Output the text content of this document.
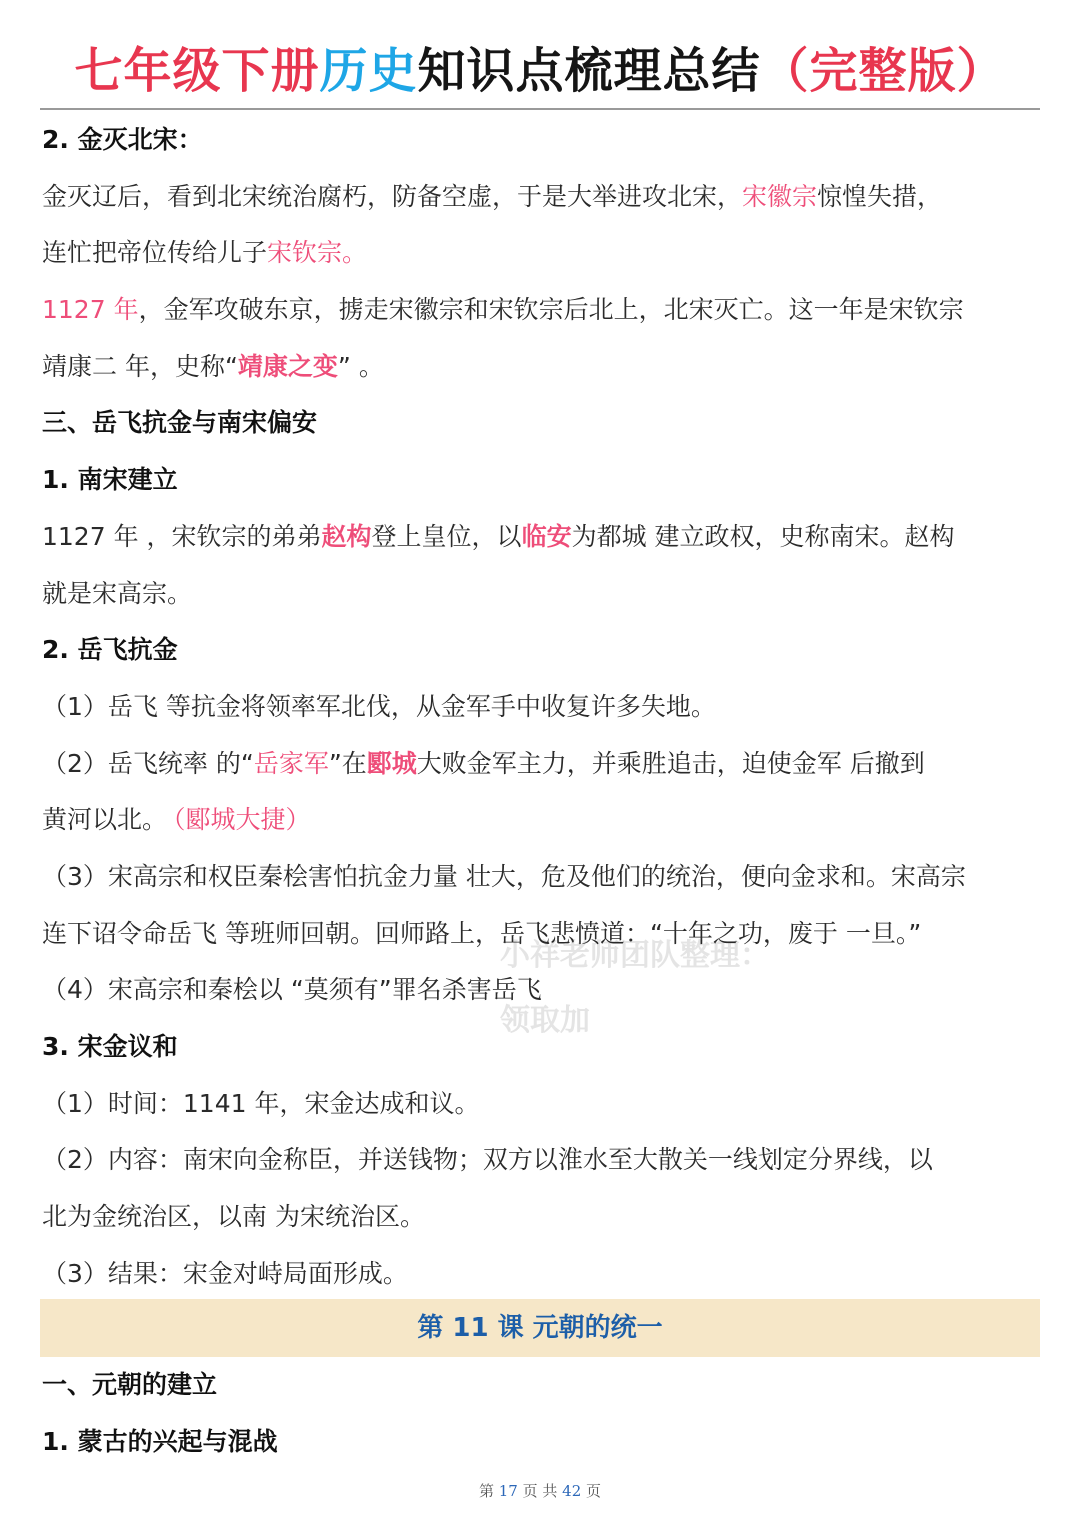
七年级下册历史知识点梳理总结（完整版）
小祥老师团队整理：
领取加
2. 金灭北宋：
金灭辽后，看到北宋统治腐朽，防备空虚，于是大举进攻北宋，宋徽宗惊惶失措，
连忙把帝位传给儿子宋钦宗。
1127 年，金军攻破东京，掳走宋徽宗和宋钦宗后北上，北宋灭亡。这一年是宋钦宗
靖康二 年，史称“靖康之变” 。
三、岳飞抗金与南宋偏安
1. 南宋建立
1127 年 ，宋钦宗的弟弟赵构登上皇位，以临安为都城 建立政权，史称南宋。赵构
就是宋高宗。
2. 岳飞抗金
（1）岳飞 等抗金将领率军北伐，从金军手中收复许多失地。
（2）岳飞统率 的“岳家军”在郾城大败金军主力，并乘胜追击，迫使金军 后撤到
黄河以北。 （郾城大捷）
（3）宋高宗和权臣秦桧害怕抗金力量 壮大，危及他们的统治，便向金求和。宋高宗
连下诏令命岳飞 等班师回朝。回师路上，岳飞悲愤道：“十年之功，废于 一旦。”
（4）宋高宗和秦桧以 “莫须有”罪名杀害岳飞
3. 宋金议和
（1）时间：1141 年，宋金达成和议。
（2）内容：南宋向金称臣，并送钱物；双方以淮水至大散关一线划定分界线，以
北为金统治区，以南 为宋统治区。
（3）结果：宋金对峙局面形成。
第 11 课 元朝的统一
一、元朝的建立
1. 蒙古的兴起与混战
第 17 页 共 42 页
